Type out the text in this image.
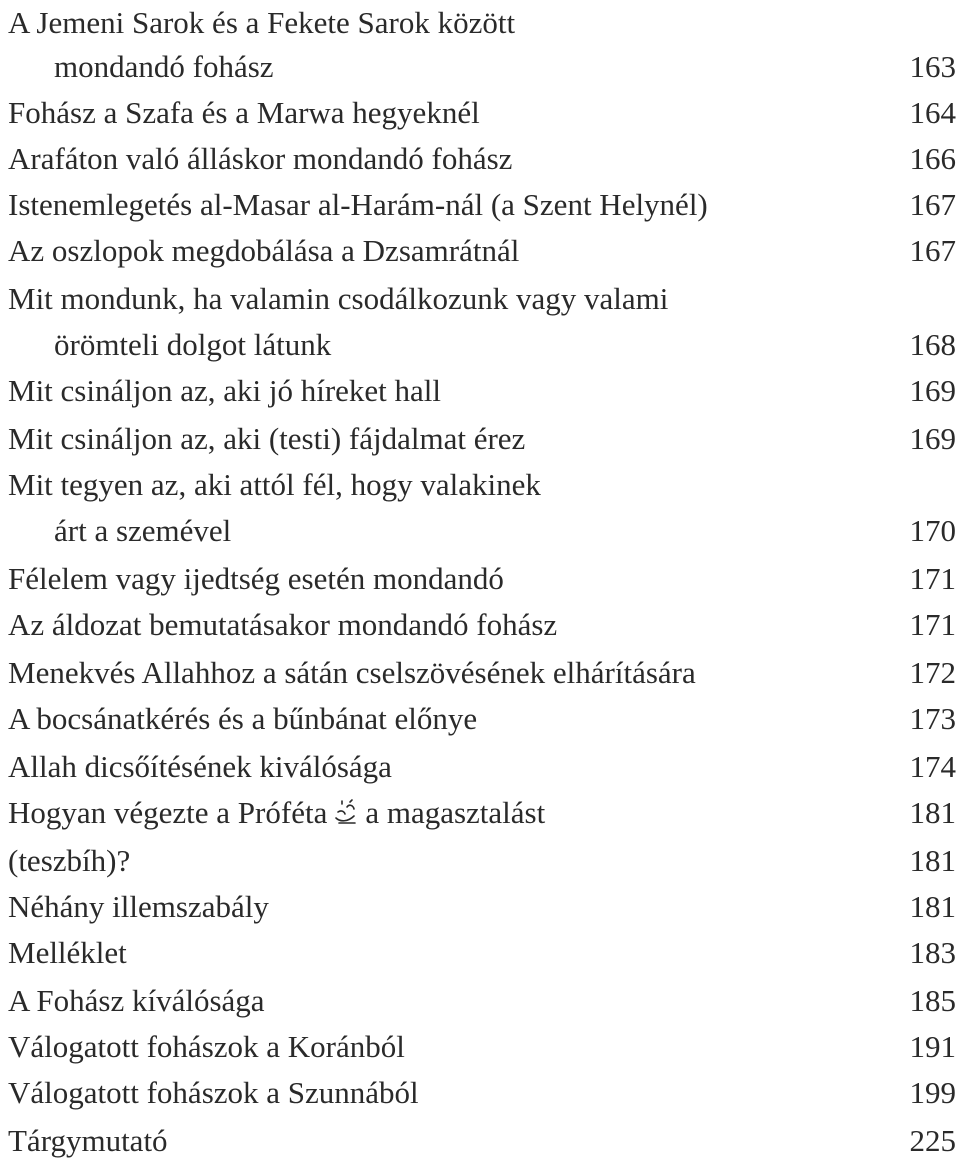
A Jemeni Sarok és a Fekete Sarok között
mondandó fohász	163
Fohász a Szafa és a Marwa hegyeknél	164
Arafáton való álláskor mondandó fohász	166
Istenemlegetés al-Masar al-Harám-nál (a Szent Helynél)	167
Az oszlopok megdobálása a Dzsamrátnál	167
Mit mondunk, ha valamin csodálkozunk vagy valami
örömteli dolgot látunk	168
Mit csináljon az, aki jó híreket hall	169
Mit csináljon az, aki (testi) fájdalmat érez	169
Mit tegyen az, aki attól fél, hogy valakinek
árt a szemével	170
Félelem vagy ijedtség esetén mondandó	171
Az áldozat bemutatásakor mondandó fohász	171
Menekvés Allahhoz a sátán cselszövésének elhárítására	172
A bocsánatkérés és a bűnbánat előnye	173
Allah dicsőítésének kiválósága	174
Hogyan végezte a Próféta a magasztalást	181
(teszbíh)?	181
Néhány illemszabály	181
Melléklet	183
A Fohász kíválósága	185
Válogatott fohászok a Koránból	191
Válogatott fohászok a Szunnából	199
Tárgymutató	225
